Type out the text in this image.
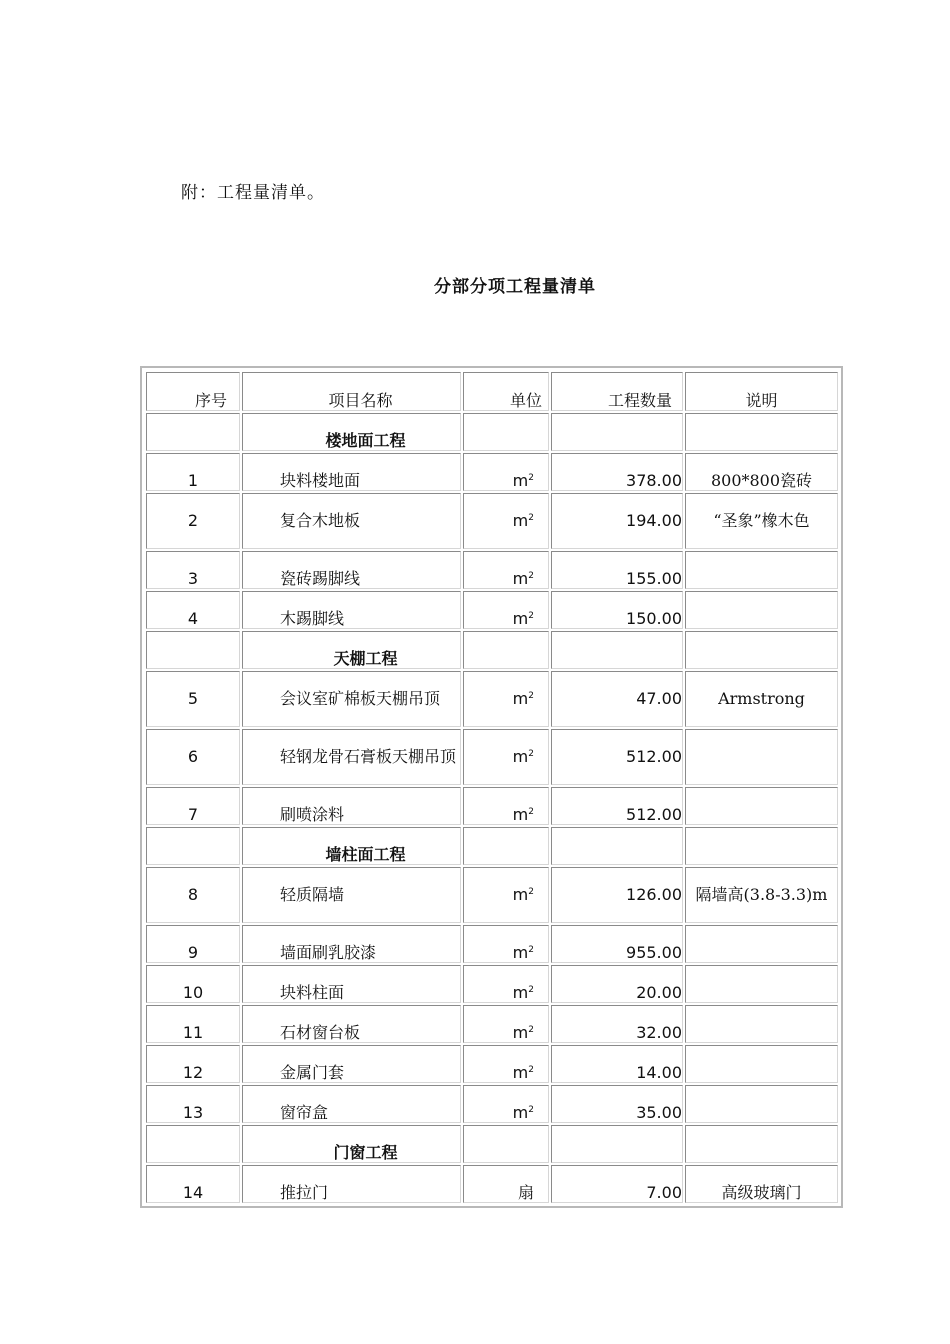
附：工程量清单。
分部分项工程量清单
序号	项目名称	单位	工程数量	说明
	楼地面工程			
1	块料楼地面	$m^2$	378.00	800*800瓷砖
2	复合木地板	$m^2$	194.00	“圣象”橡木色
3	瓷砖踢脚线	$m^2$	155.00	
4	木踢脚线	$m^2$	150.00	
	天棚工程			
5	会议室矿棉板天棚吊顶	$m^2$	47.00	Armstrong
6	轻钢龙骨石膏板天棚吊顶	$m^2$	512.00	
7	刷喷涂料	$m^2$	512.00	
	墙柱面工程			
8	轻质隔墙	$m^2$	126.00	隔墙高(3.8-3.3)m
9	墙面刷乳胶漆	$m^2$	955.00	
10	块料柱面	$m^2$	20.00	
11	石材窗台板	$m^2$	32.00	
12	金属门套	$m^2$	14.00	
13	窗帘盒	$m^2$	35.00	
	门窗工程			
14	推拉门	扇	7.00	高级玻璃门
